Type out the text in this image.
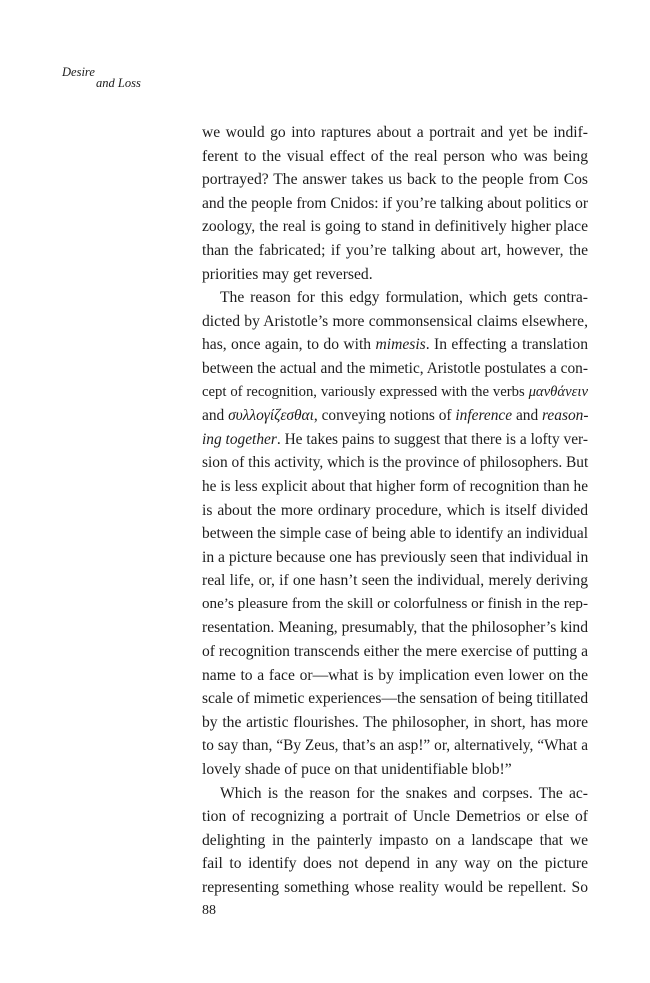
Desire
and Loss
we would go into raptures about a portrait and yet be indif-
ferent to the visual effect of the real person who was being
portrayed? The answer takes us back to the people from Cos
and the people from Cnidos: if you’re talking about politics or
zoology, the real is going to stand in definitively higher place
than the fabricated; if you’re talking about art, however, the
priorities may get reversed.
The reason for this edgy formulation, which gets contra-
dicted by Aristotle’s more commonsensical claims elsewhere,
has, once again, to do with mimesis. In effecting a translation
between the actual and the mimetic, Aristotle postulates a con-
cept of recognition, variously expressed with the verbs μανθάνειν
and συλλογίζεσθαι, conveying notions of inference and reason-
ing together. He takes pains to suggest that there is a lofty ver-
sion of this activity, which is the province of philosophers. But
he is less explicit about that higher form of recognition than he
is about the more ordinary procedure, which is itself divided
between the simple case of being able to identify an individual
in a picture because one has previously seen that individual in
real life, or, if one hasn’t seen the individual, merely deriving
one’s pleasure from the skill or colorfulness or finish in the rep-
resentation. Meaning, presumably, that the philosopher’s kind
of recognition transcends either the mere exercise of putting a
name to a face or—what is by implication even lower on the
scale of mimetic experiences—the sensation of being titillated
by the artistic flourishes. The philosopher, in short, has more
to say than, “By Zeus, that’s an asp!” or, alternatively, “What a
lovely shade of puce on that unidentifiable blob!”
Which is the reason for the snakes and corpses. The ac-
tion of recognizing a portrait of Uncle Demetrios or else of
delighting in the painterly impasto on a landscape that we
fail to identify does not depend in any way on the picture
representing something whose reality would be repellent. So
88
